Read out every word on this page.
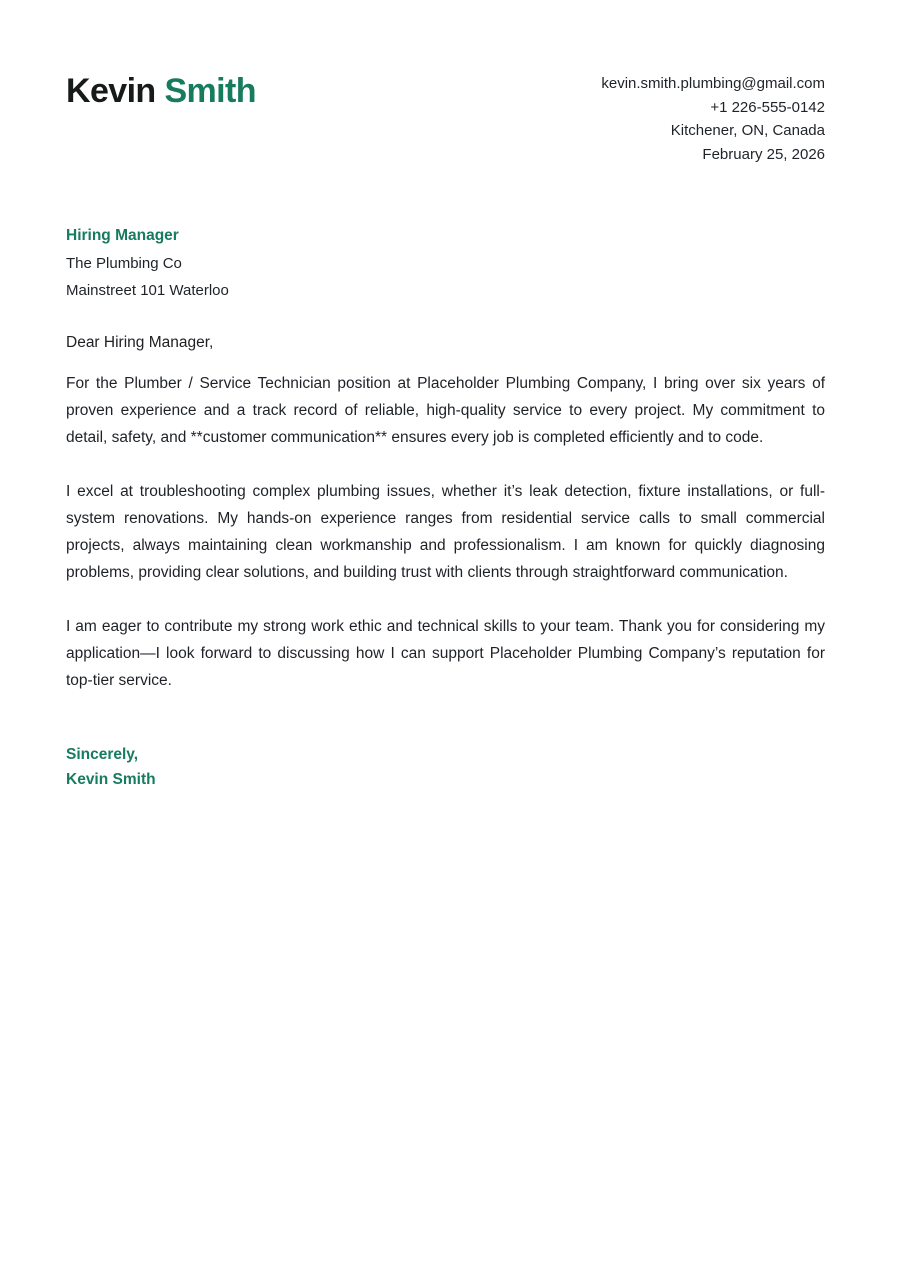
Kevin Smith	kevin.smith.plumbing@gmail.com
+1 226-555-0142
Kitchener, ON, Canada
February 25, 2026
Hiring Manager
The Plumbing Co
Mainstreet 101 Waterloo

Dear Hiring Manager,

For the Plumber / Service Technician position at Placeholder Plumbing Company, I bring over six years of proven experience and a track record of reliable, high-quality service to every project. My commitment to detail, safety, and **customer communication** ensures every job is completed efficiently and to code.

I excel at troubleshooting complex plumbing issues, whether it’s leak detection, fixture installations, or full-system renovations. My hands-on experience ranges from residential service calls to small commercial projects, always maintaining clean workmanship and professionalism. I am known for quickly diagnosing problems, providing clear solutions, and building trust with clients through straightforward communication.

I am eager to contribute my strong work ethic and technical skills to your team. Thank you for considering my application—I look forward to discussing how I can support Placeholder Plumbing Company’s reputation for top-tier service.

Sincerely,

Kevin Smith
